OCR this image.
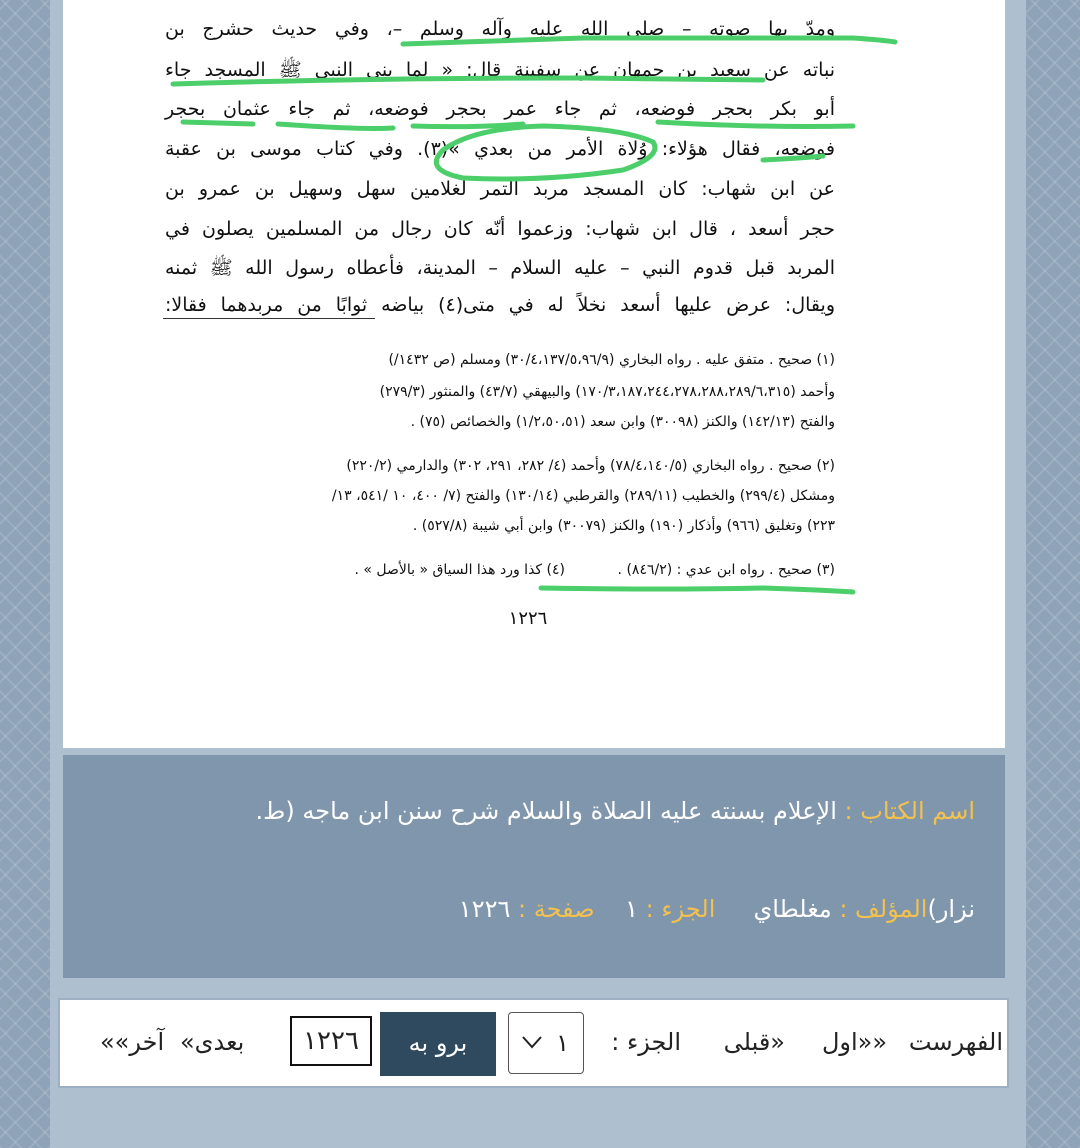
ومدّ بها صوته – صلى الله عليه وآله وسلم –، وفي حديث حشرج بن
نباته عن سعيد بن جمهان عن سفينة قال: « لما بنى النبي ﷺ المسجد جاء
أبو بكر بحجر فوضعه، ثم جاء عمر بحجر فوضعه، ثم جاء عثمان بحجر
فوضعه، فقال هؤلاء: وُلاة الأمر من بعدي »(٣). وفي كتاب موسى بن عقبة
عن ابن شهاب: كان المسجد مربد التمر لغلامين سهل وسهيل بن عمرو بن
حجر أسعد ، قال ابن شهاب: وزعموا أنّه كان رجال من المسلمين يصلون في
المربد قبل قدوم النبي – عليه السلام – المدينة، فأعطاه رسول الله ﷺ ثمنه
ويقال: عرض عليها أسعد نخلاً له في متى(٤) بياضه ثوابًا من مربدهما فقالا:
(١) صحيح . متفق عليه . رواه البخاري (٣٠/٤،١٣٧/٥،٩٦/٩) ومسلم (ص ١٤٣٢/)
وأحمد (١٧٠/٣،١٨٧،٢٤٤،٢٧٨،٢٨٨،٢٨٩/٦،٣١٥) والبيهقي (٤٣/٧) والمنثور (٢٧٩/٣)
والفتح (١٤٢/١٣) والكنز (٣٠٠٩٨) وابن سعد (١/٢،٥٠،٥١) والخصائص (٧٥) .
(٢) صحيح . رواه البخاري (٧٨/٤،١٤٠/٥) وأحمد (٤/ ٢٨٢، ٢٩١، ٣٠٢) والدارمي (٢٢٠/٢)
ومشكل (٢٩٩/٤) والخطيب (٢٨٩/١١) والقرطبي (١٣٠/١٤) والفتح (٧/ ٤٠٠، ١٠ /٥٤١، ١٣/
٢٢٣) وتغليق (٩٦٦) وأذكار (١٩٠) والكنز (٣٠٠٧٩) وابن أبي شيبة (٥٢٧/٨) .
(٣) صحيح . رواه ابن عدي : (٨٤٦/٢) .
(٤) كذا ورد هذا السياق « بالأصل » .
١٢٢٦
اسم الكتاب : الإعلام بسنته عليه الصلاة والسلام شرح سنن ابن ماجه (ط.
نزار)المؤلف : مغلطاي     الجزء : ١    صفحة : ١٢٢٦
الفهرست
««اول
«قبلى
الجزء :
١
برو به
١٢٢٦
بعدى»
آخر»»
